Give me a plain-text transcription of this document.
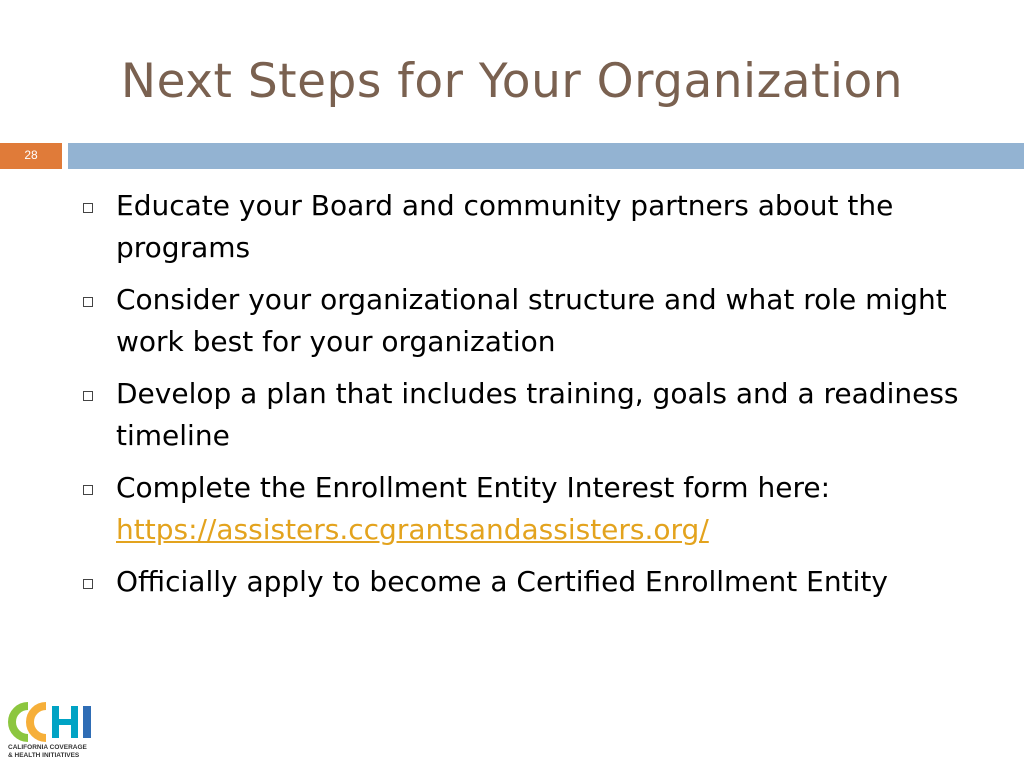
Next Steps for Your Organization
28
Educate your Board and community partners about the programs
Consider your organizational structure and what role might work best for your organization
Develop a plan that includes training, goals and a readiness timeline
Complete the Enrollment Entity Interest form here:
https://assisters.ccgrantsandassisters.org/
Officially apply to become a Certified Enrollment Entity
CALIFORNIA COVERAGE
& HEALTH INITIATIVES
